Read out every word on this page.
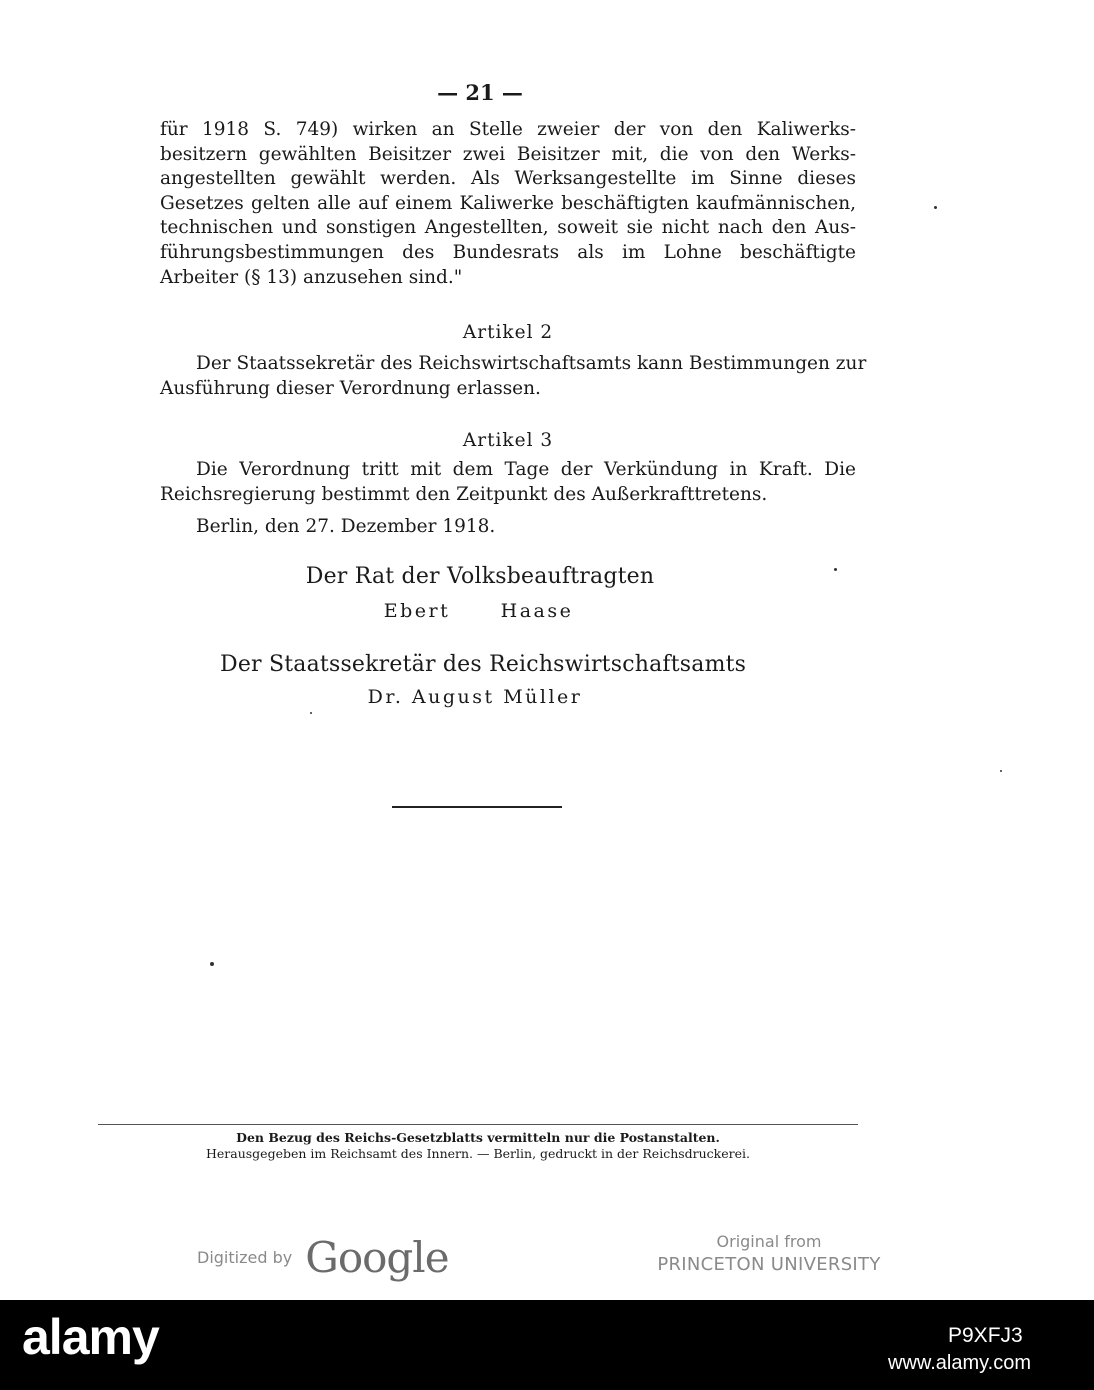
— 21 —
für 1918 S. 749) wirken an Stelle zweier der von den Kaliwerks-
besitzern gewählten Beisitzer zwei Beisitzer mit, die von den Werks-
angestellten gewählt werden. Als Werksangestellte im Sinne dieses
Gesetzes gelten alle auf einem Kaliwerke beschäftigten kaufmännischen,
technischen und sonstigen Angestellten, soweit sie nicht nach den Aus-
führungsbestimmungen des Bundesrats als im Lohne beschäftigte
Arbeiter (§ 13) anzusehen sind."
Artikel 2
Der Staatssekretär des Reichswirtschaftsamts kann Bestimmungen zur
Ausführung dieser Verordnung erlassen.
Artikel 3
Die Verordnung tritt mit dem Tage der Verkündung in Kraft. Die
Reichsregierung bestimmt den Zeitpunkt des Außerkrafttretens.
Berlin, den 27. Dezember 1918.
Der Rat der Volksbeauftragten
Ebert	Haase
Der Staatssekretär des Reichswirtschaftsamts
Dr. August Müller
Den Bezug des Reichs-Gesetzblatts vermitteln nur die Postanstalten.
Herausgegeben im Reichsamt des Innern. — Berlin, gedruckt in der Reichsdruckerei.
Digitized by Google	Original from
PRINCETON UNIVERSITY
alamy	P9XFJ3
www.alamy.com
